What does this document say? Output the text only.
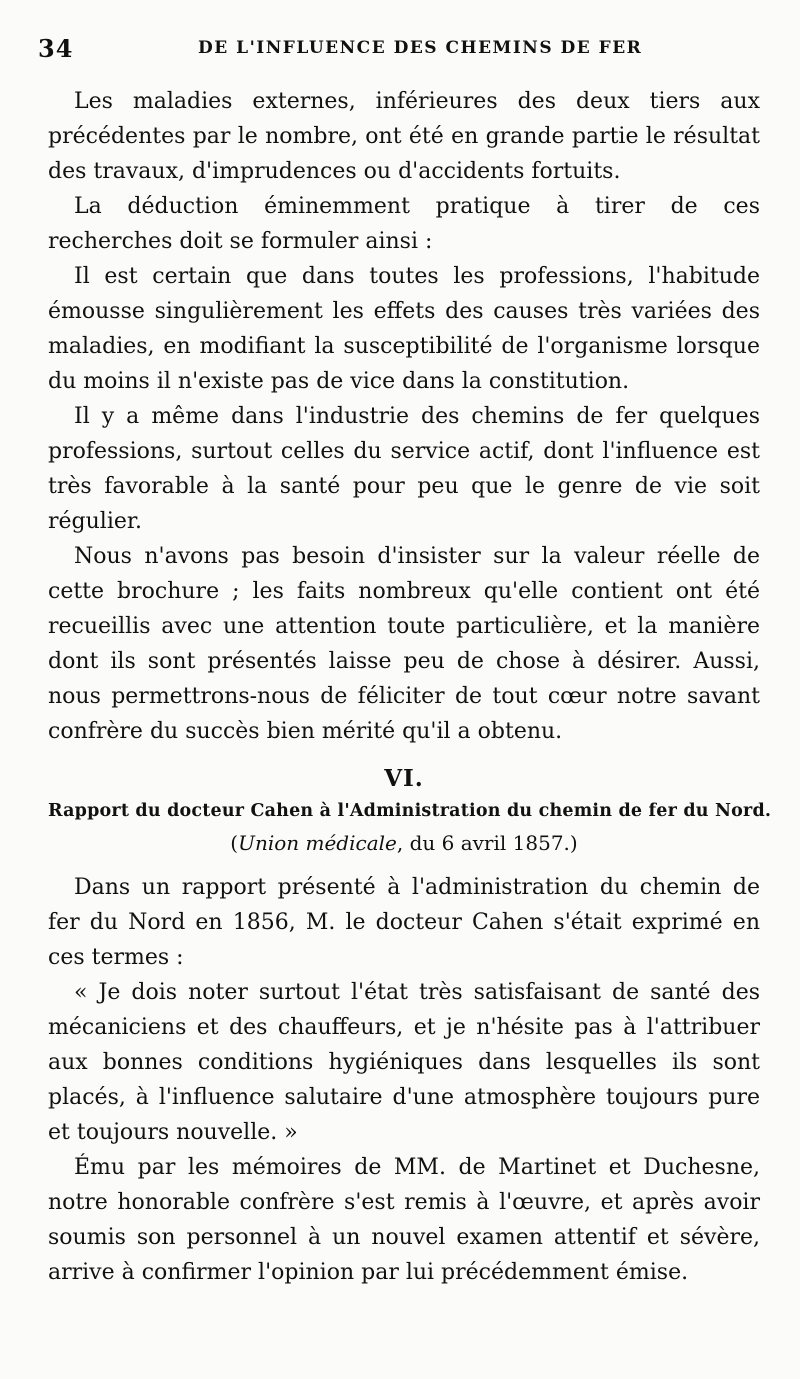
34	DE L'INFLUENCE DES CHEMINS DE FER

Les maladies externes, inférieures des deux tiers aux précédentes par le nombre, ont été en grande partie le résultat des travaux, d'imprudences ou d'accidents fortuits.

La déduction éminemment pratique à tirer de ces recherches doit se formuler ainsi :

Il est certain que dans toutes les professions, l'habitude émousse singulièrement les effets des causes très variées des maladies, en modifiant la susceptibilité de l'organisme lorsque du moins il n'existe pas de vice dans la constitution.

Il y a même dans l'industrie des chemins de fer quelques professions, surtout celles du service actif, dont l'influence est très favorable à la santé pour peu que le genre de vie soit régulier.

Nous n'avons pas besoin d'insister sur la valeur réelle de cette brochure ; les faits nombreux qu'elle contient ont été recueillis avec une attention toute particulière, et la manière dont ils sont présentés laisse peu de chose à désirer. Aussi, nous permettrons-nous de féliciter de tout cœur notre savant confrère du succès bien mérité qu'il a obtenu.

VI.

Rapport du docteur Cahen à l'Administration du chemin de fer du Nord.

(Union médicale, du 6 avril 1857.)

Dans un rapport présenté à l'administration du chemin de fer du Nord en 1856, M. le docteur Cahen s'était exprimé en ces termes :

« Je dois noter surtout l'état très satisfaisant de santé des mécaniciens et des chauffeurs, et je n'hésite pas à l'attribuer aux bonnes conditions hygiéniques dans lesquelles ils sont placés, à l'influence salutaire d'une atmosphère toujours pure et toujours nouvelle. »

Ému par les mémoires de MM. de Martinet et Duchesne, notre honorable confrère s'est remis à l'œuvre, et après avoir soumis son personnel à un nouvel examen attentif et sévère, arrive à confirmer l'opinion par lui précédemment émise.
